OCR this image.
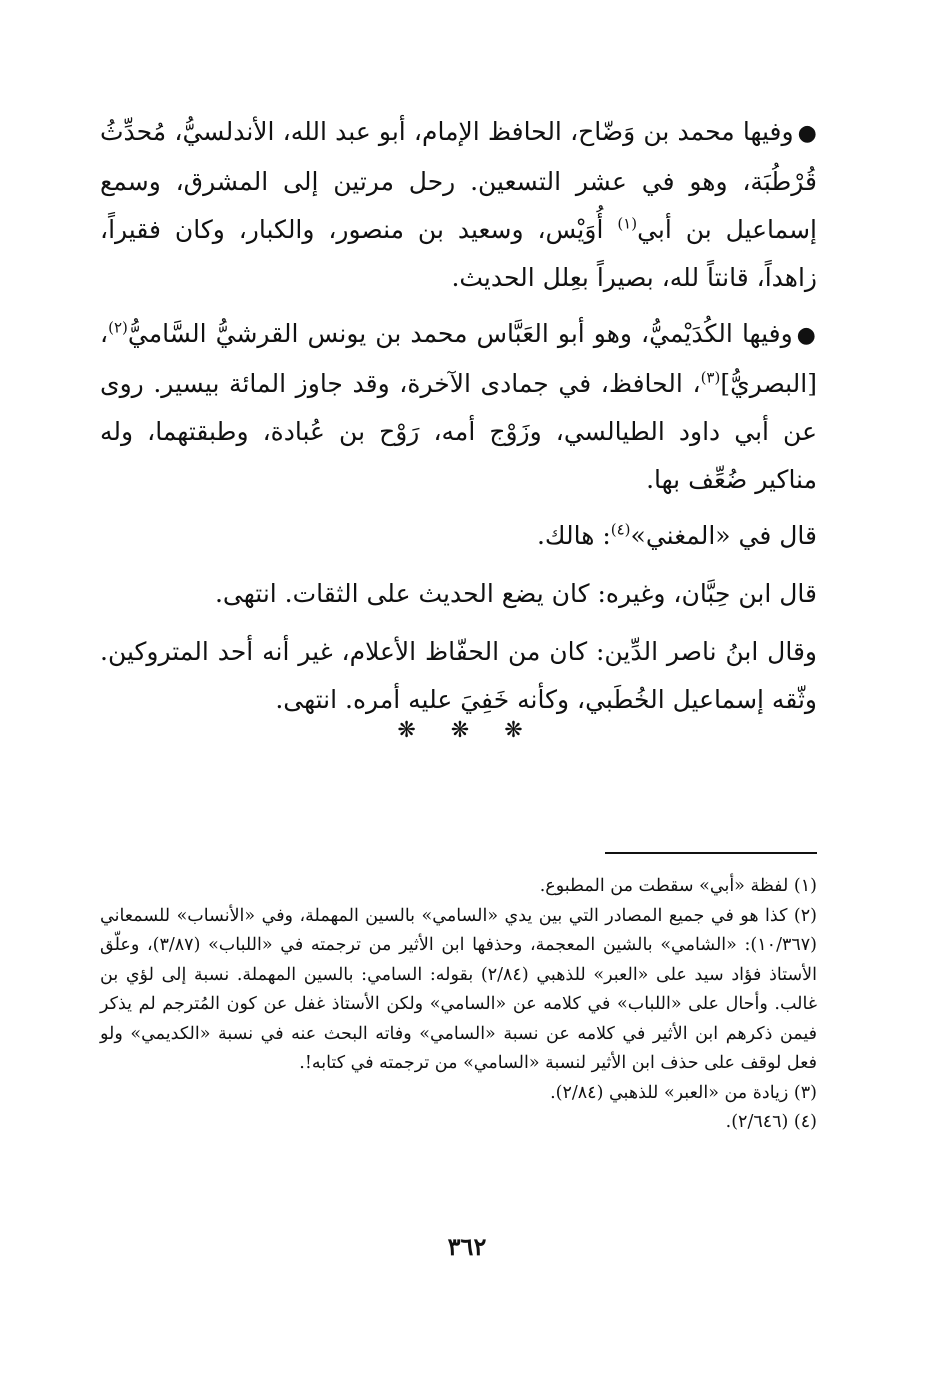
●وفيها محمد بن وَضّاح، الحافظ الإمام، أبو عبد الله، الأندلسيُّ، مُحدِّثُ قُرْطُبَة، وهو في عشر التسعين. رحل مرتين إلى المشرق، وسمع إسماعيل بن أبي$^{(١)}$ أُوَيْس، وسعيد بن منصور، والكبار، وكان فقيراً، زاهداً، قانتاً لله، بصيراً بعِلل الحديث.

●وفيها الكُدَيْميُّ، وهو أبو العَبَّاس محمد بن يونس القرشيُّ السَّاميُّ$^{(٢)}$، [البصريُّ]$^{(٣)}$، الحافظ، في جمادى الآخرة، وقد جاوز المائة بيسير. روى عن أبي داود الطيالسي، وزَوْج أمه، رَوْح بن عُبادة، وطبقتهما، وله مناكير ضُعِّف بها.

قال في «المغني»$^{(٤)}$: هالك.

قال ابن حِبَّان، وغيره: كان يضع الحديث على الثقات. انتهى.

وقال ابنُ ناصر الدِّين: كان من الحفّاظ الأعلام، غير أنه أحد المتروكين. وثّقه إسماعيل الخُطَبي، وكأنه خَفِيَ عليه أمره. انتهى.

❋ ❋ ❋

(١) لفظة «أبي» سقطت من المطبوع.

(٢) كذا هو في جميع المصادر التي بين يدي «السامي» بالسين المهملة، وفي «الأنساب» للسمعاني (١٠/٣٦٧): «الشامي» بالشين المعجمة، وحذفها ابن الأثير من ترجمته في «اللباب» (٣/٨٧)، وعلّق الأستاذ فؤاد سيد على «العبر» للذهبي (٢/٨٤) بقوله: السامي: بالسين المهملة. نسبة إلى لؤي بن غالب. وأحال على «اللباب» في كلامه عن «السامي» ولكن الأستاذ غفل عن كون المُترجم لم يذكر فيمن ذكرهم ابن الأثير في كلامه عن نسبة «السامي» وفاته البحث عنه في نسبة «الكديمي» ولو فعل لوقف على حذف ابن الأثير لنسبة «السامي» من ترجمته في كتابه!.

(٣) زيادة من «العبر» للذهبي (٢/٨٤).

(٤) (٢/٦٤٦).

٣٦٢
